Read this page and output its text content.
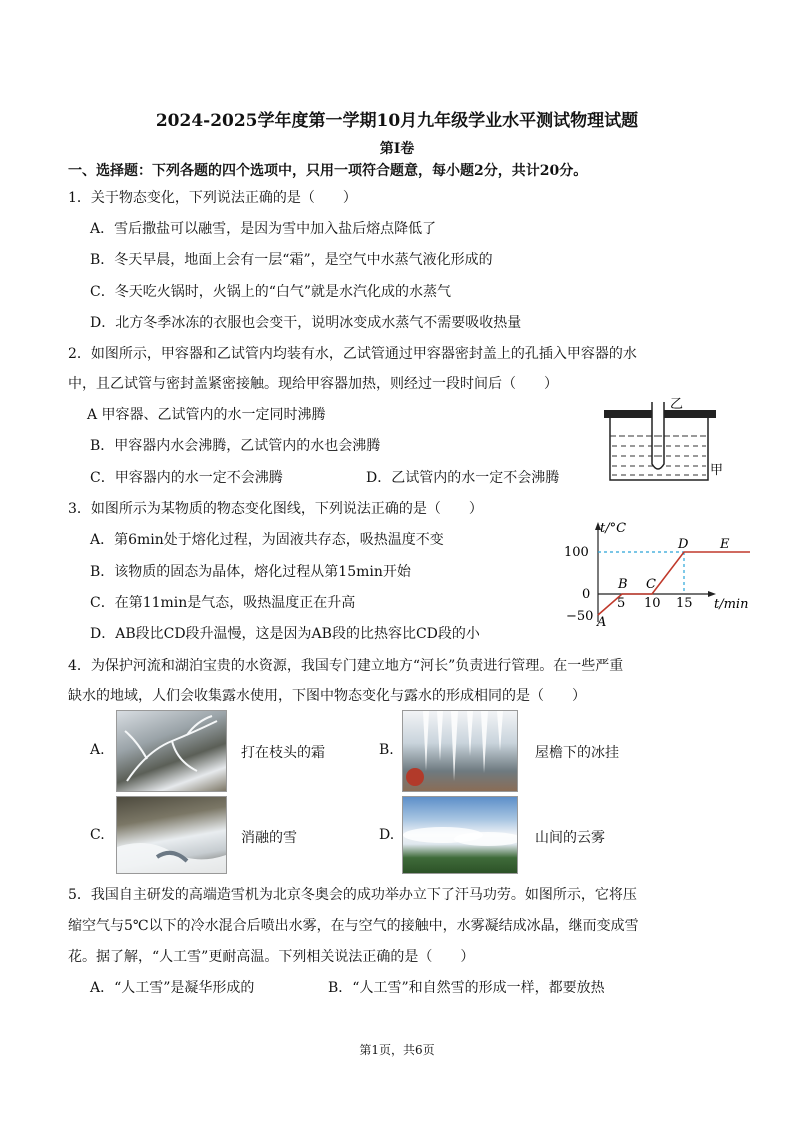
2024-2025学年度第一学期10月九年级学业水平测试物理试题
第Ⅰ卷
一、选择题：下列各题的四个选项中，只用一项符合题意，每小题2分，共计20分。
1．关于物态变化，下列说法正确的是（　　）
A．雪后撒盐可以融雪，是因为雪中加入盐后熔点降低了
B．冬天早晨，地面上会有一层“霜”，是空气中水蒸气液化形成的
C．冬天吃火锅时，火锅上的“白气”就是水汽化成的水蒸气
D．北方冬季冰冻的衣服也会变干，说明冰变成水蒸气不需要吸收热量
2．如图所示，甲容器和乙试管内均装有水，乙试管通过甲容器密封盖上的孔插入甲容器的水
中，且乙试管与密封盖紧密接触。现给甲容器加热，则经过一段时间后（　　）
A 甲容器、乙试管内的水一定同时沸腾
B．甲容器内水会沸腾，乙试管内的水也会沸腾
C．甲容器内的水一定不会沸腾	D．乙试管内的水一定不会沸腾
乙
甲
3．如图所示为某物质的物态变化图线，下列说法正确的是（　　）
A．第6min处于熔化过程，为固液共存态，吸热温度不变
B．该物质的固态为晶体，熔化过程从第15min开始
C．在第11min是气态，吸热温度正在升高
D．AB段比CD段升温慢，这是因为AB段的比热容比CD段的小
t/°C
t/min
100
0
−50
5 10 15
A
B C
D E
4．为保护河流和湖泊宝贵的水资源，我国专门建立地方“河长”负责进行管理。在一些严重
缺水的地域，人们会收集露水使用，下图中物态变化与露水的形成相同的是（　　）
A.	打在枝头的霜	B.	屋檐下的冰挂
C.	消融的雪	D.	山间的云雾
5．我国自主研发的高端造雪机为北京冬奥会的成功举办立下了汗马功劳。如图所示，它将压
缩空气与5℃以下的冷水混合后喷出水雾，在与空气的接触中，水雾凝结成冰晶，继而变成雪
花。据了解，“人工雪”更耐高温。下列相关说法正确的是（　　）
A．“人工雪”是凝华形成的	B．“人工雪”和自然雪的形成一样，都要放热
第1页，共6页
